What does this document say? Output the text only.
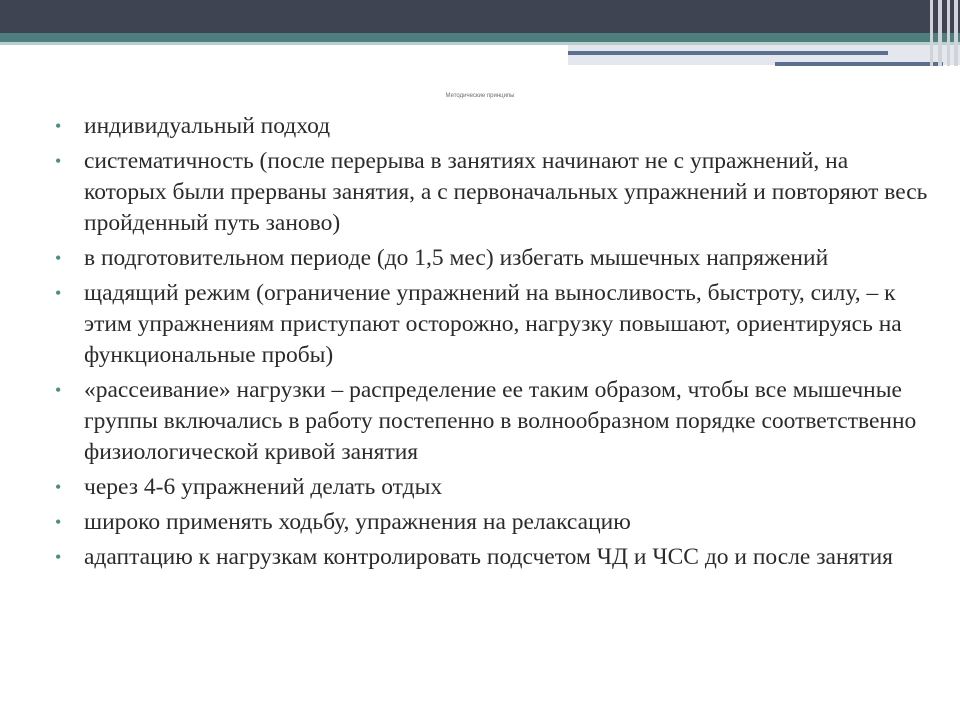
Методические принципы
• индивидуальный подход
• систематичность (после перерыва в занятиях начинают не с упражнений, на которых были прерваны занятия, а с первоначальных упражнений и повторяют весь пройденный путь заново)
• в подготовительном периоде (до 1,5 мес) избегать мышечных напряжений
• щадящий режим (ограничение упражнений на выносливость, быстроту, силу, – к этим упражнениям приступают осторожно, нагрузку повышают, ориентируясь на функциональные пробы)
• «рассеивание» нагрузки – распределение ее таким образом, чтобы все мышечные группы включались в работу постепенно в волнообразном порядке соответственно физиологической кривой занятия
• через 4-6 упражнений делать отдых
• широко применять ходьбу, упражнения на релаксацию
• адаптацию к нагрузкам контролировать подсчетом ЧД и ЧСС до и после занятия
